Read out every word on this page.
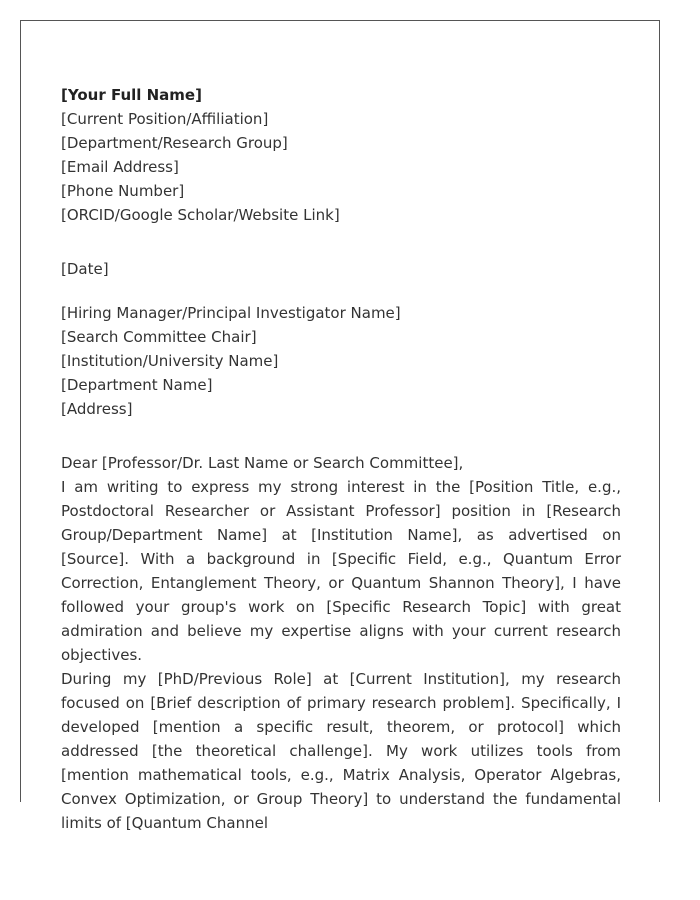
[Your Full Name]
[Current Position/Affiliation]
[Department/Research Group]
[Email Address]
[Phone Number]
[ORCID/Google Scholar/Website Link]
[Date]
[Hiring Manager/Principal Investigator Name]
[Search Committee Chair]
[Institution/University Name]
[Department Name]
[Address]
Dear [Professor/Dr. Last Name or Search Committee],

I am writing to express my strong interest in the [Position Title, e.g., Postdoctoral Researcher or Assistant Professor] position in [Research Group/Department Name] at [Institution Name], as advertised on [Source]. With a background in [Specific Field, e.g., Quantum Error Correction, Entanglement Theory, or Quantum Shannon Theory], I have followed your group's work on [Specific Research Topic] with great admiration and believe my expertise aligns with your current research objectives.

During my [PhD/Previous Role] at [Current Institution], my research focused on [Brief description of primary research problem]. Specifically, I developed [mention a specific result, theorem, or protocol] which addressed [the theoretical challenge]. My work utilizes tools from [mention mathematical tools, e.g., Matrix Analysis, Operator Algebras, Convex Optimization, or Group Theory] to understand the fundamental limits of [Quantum Channel
